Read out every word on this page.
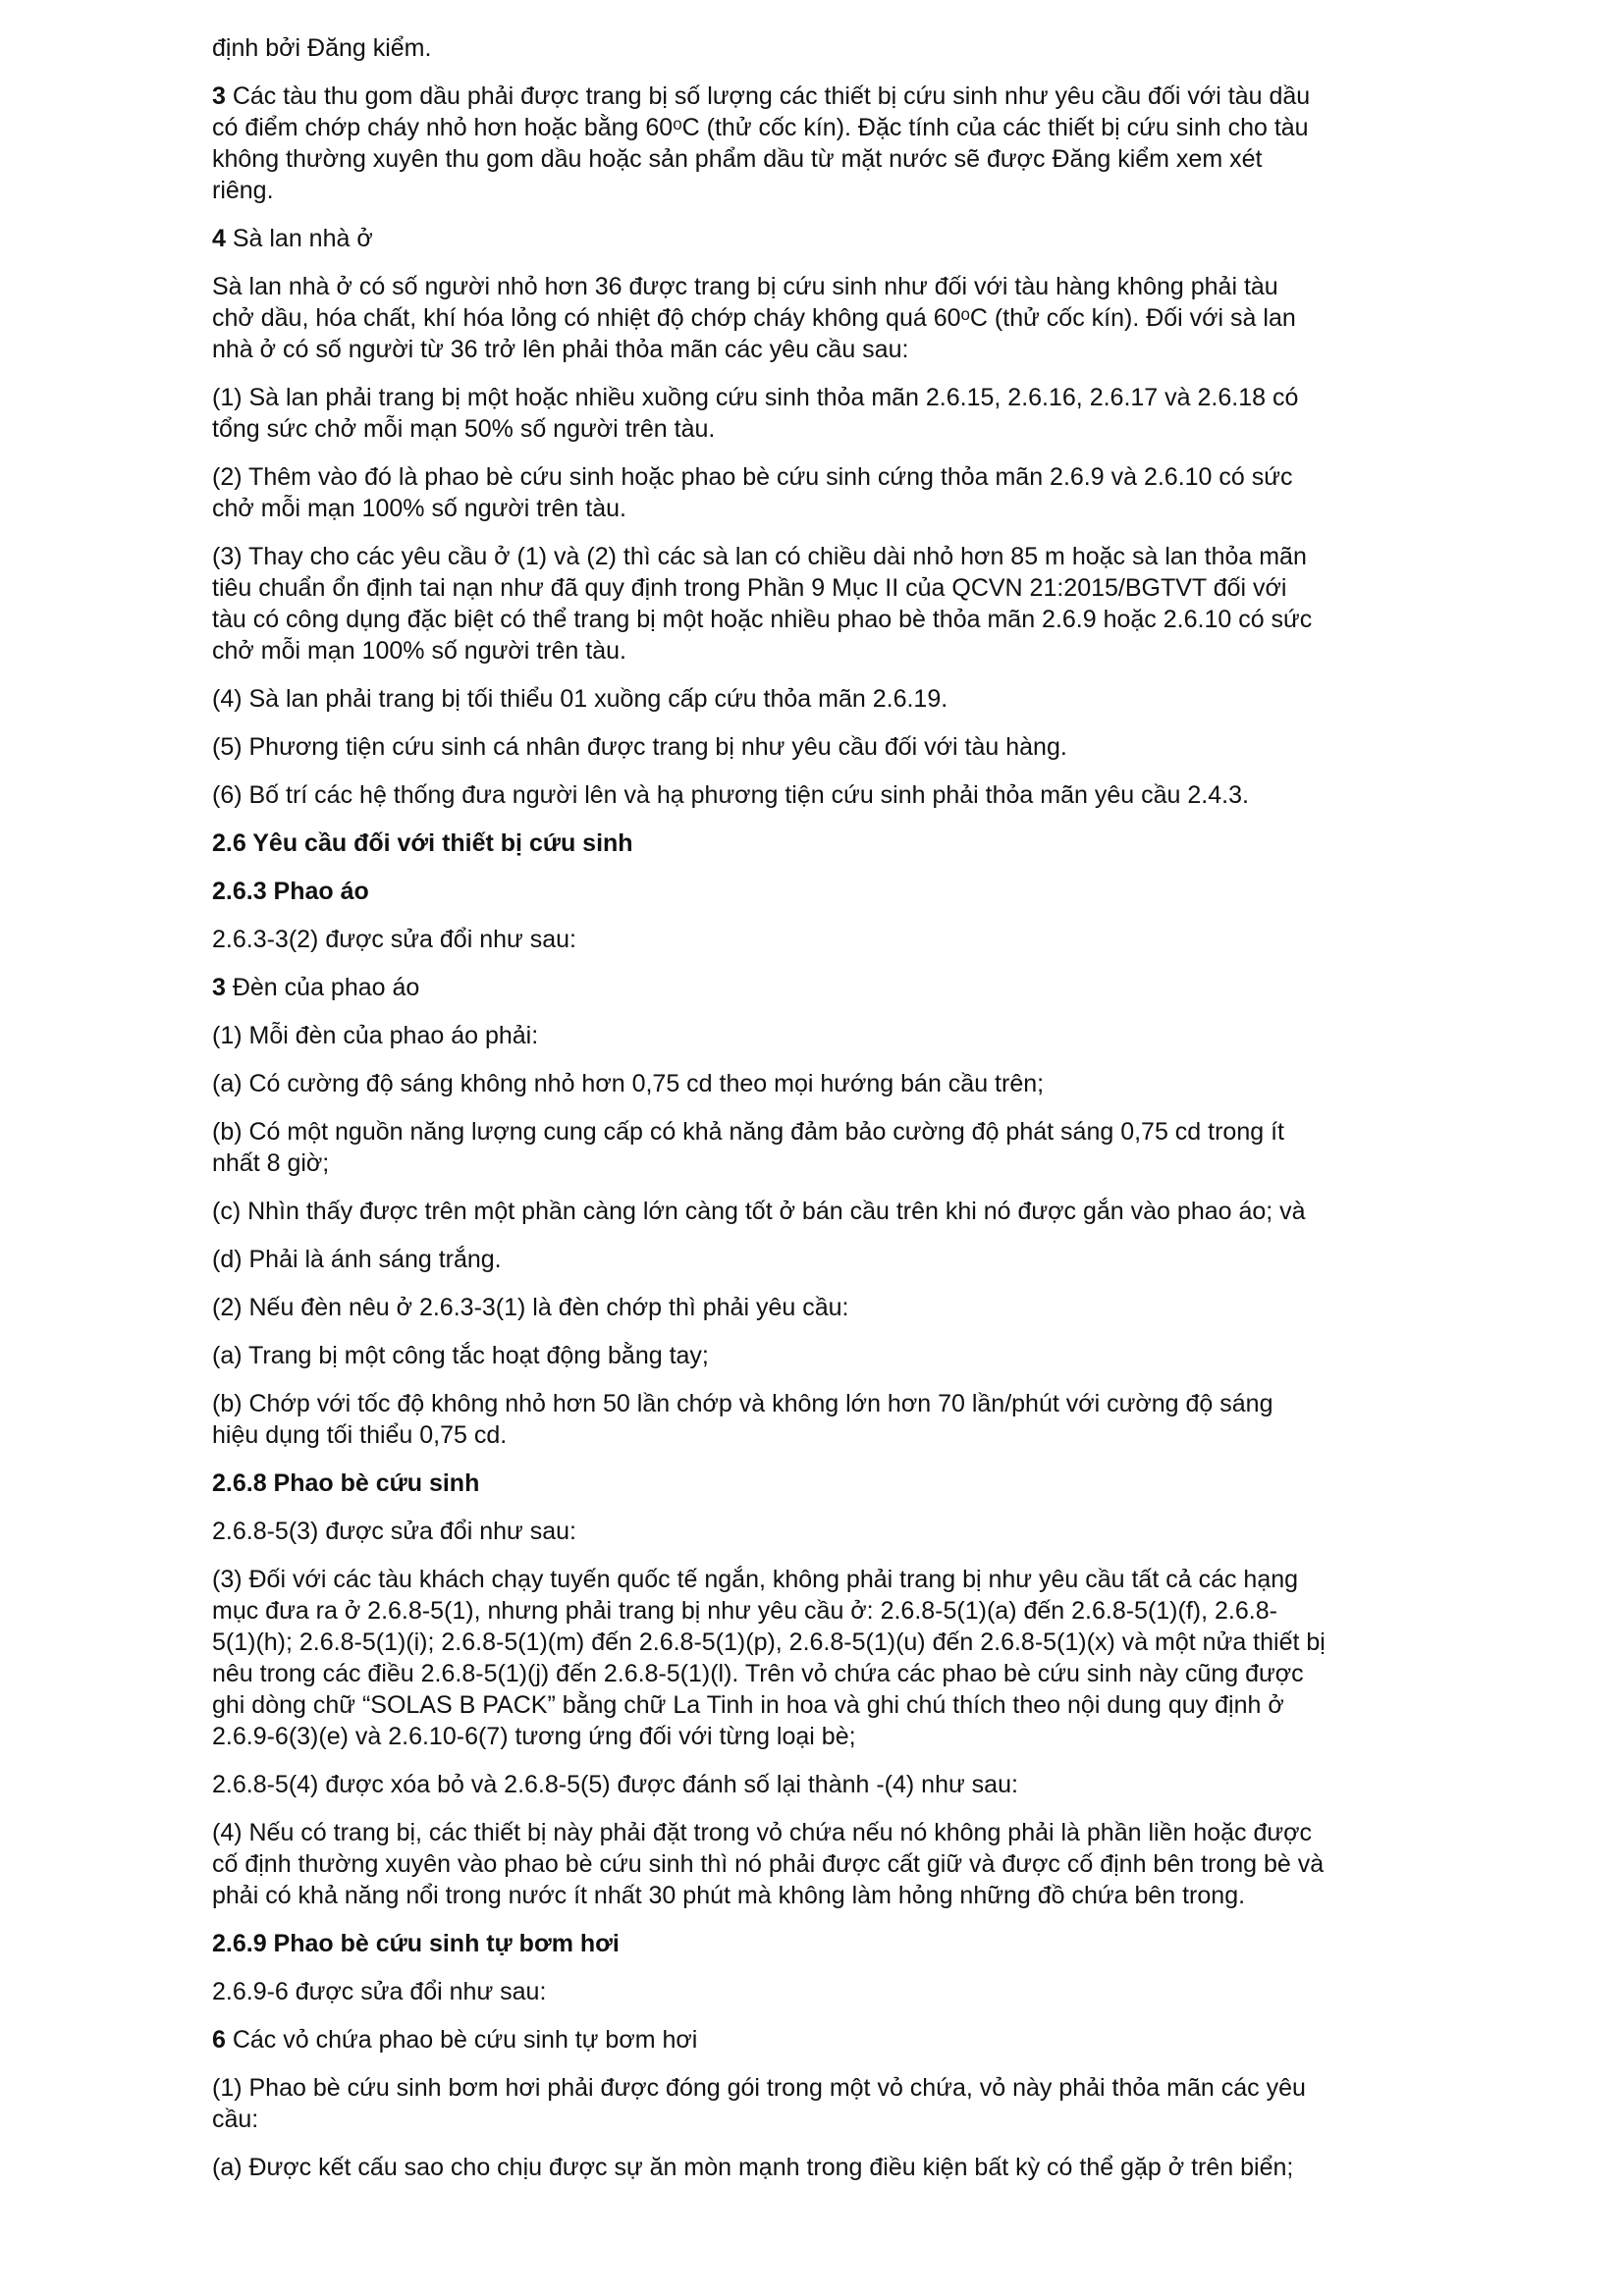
định bởi Đăng kiểm.

3 Các tàu thu gom dầu phải được trang bị số lượng các thiết bị cứu sinh như yêu cầu đối với tàu dầu
có điểm chớp cháy nhỏ hơn hoặc bằng 60ᵒC (thử cốc kín). Đặc tính của các thiết bị cứu sinh cho tàu
không thường xuyên thu gom dầu hoặc sản phẩm dầu từ mặt nước sẽ được Đăng kiểm xem xét
riêng.

4 Sà lan nhà ở

Sà lan nhà ở có số người nhỏ hơn 36 được trang bị cứu sinh như đối với tàu hàng không phải tàu
chở dầu, hóa chất, khí hóa lỏng có nhiệt độ chớp cháy không quá 60ᵒC (thử cốc kín). Đối với sà lan
nhà ở có số người từ 36 trở lên phải thỏa mãn các yêu cầu sau:

(1) Sà lan phải trang bị một hoặc nhiều xuồng cứu sinh thỏa mãn 2.6.15, 2.6.16, 2.6.17 và 2.6.18 có
tổng sức chở mỗi mạn 50% số người trên tàu.

(2) Thêm vào đó là phao bè cứu sinh hoặc phao bè cứu sinh cứng thỏa mãn 2.6.9 và 2.6.10 có sức
chở mỗi mạn 100% số người trên tàu.

(3) Thay cho các yêu cầu ở (1) và (2) thì các sà lan có chiều dài nhỏ hơn 85 m hoặc sà lan thỏa mãn
tiêu chuẩn ổn định tai nạn như đã quy định trong Phần 9 Mục II của QCVN 21:2015/BGTVT đối với
tàu có công dụng đặc biệt có thể trang bị một hoặc nhiều phao bè thỏa mãn 2.6.9 hoặc 2.6.10 có sức
chở mỗi mạn 100% số người trên tàu.

(4) Sà lan phải trang bị tối thiểu 01 xuồng cấp cứu thỏa mãn 2.6.19.

(5) Phương tiện cứu sinh cá nhân được trang bị như yêu cầu đối với tàu hàng.

(6) Bố trí các hệ thống đưa người lên và hạ phương tiện cứu sinh phải thỏa mãn yêu cầu 2.4.3.

2.6 Yêu cầu đối với thiết bị cứu sinh

2.6.3 Phao áo

2.6.3-3(2) được sửa đổi như sau:

3 Đèn của phao áo

(1) Mỗi đèn của phao áo phải:

(a) Có cường độ sáng không nhỏ hơn 0,75 cd theo mọi hướng bán cầu trên;

(b) Có một nguồn năng lượng cung cấp có khả năng đảm bảo cường độ phát sáng 0,75 cd trong ít
nhất 8 giờ;

(c) Nhìn thấy được trên một phần càng lớn càng tốt ở bán cầu trên khi nó được gắn vào phao áo; và

(d) Phải là ánh sáng trắng.

(2) Nếu đèn nêu ở 2.6.3-3(1) là đèn chớp thì phải yêu cầu:

(a) Trang bị một công tắc hoạt động bằng tay;

(b) Chớp với tốc độ không nhỏ hơn 50 lần chớp và không lớn hơn 70 lần/phút với cường độ sáng
hiệu dụng tối thiểu 0,75 cd.

2.6.8 Phao bè cứu sinh

2.6.8-5(3) được sửa đổi như sau:

(3) Đối với các tàu khách chạy tuyến quốc tế ngắn, không phải trang bị như yêu cầu tất cả các hạng
mục đưa ra ở 2.6.8-5(1), nhưng phải trang bị như yêu cầu ở: 2.6.8-5(1)(a) đến 2.6.8-5(1)(f), 2.6.8-
5(1)(h); 2.6.8-5(1)(i); 2.6.8-5(1)(m) đến 2.6.8-5(1)(p), 2.6.8-5(1)(u) đến 2.6.8-5(1)(x) và một nửa thiết bị
nêu trong các điều 2.6.8-5(1)(j) đến 2.6.8-5(1)(l). Trên vỏ chứa các phao bè cứu sinh này cũng được
ghi dòng chữ “SOLAS B PACK” bằng chữ La Tinh in hoa và ghi chú thích theo nội dung quy định ở
2.6.9-6(3)(e) và 2.6.10-6(7) tương ứng đối với từng loại bè;

2.6.8-5(4) được xóa bỏ và 2.6.8-5(5) được đánh số lại thành -(4) như sau:

(4) Nếu có trang bị, các thiết bị này phải đặt trong vỏ chứa nếu nó không phải là phần liền hoặc được
cố định thường xuyên vào phao bè cứu sinh thì nó phải được cất giữ và được cố định bên trong bè và
phải có khả năng nổi trong nước ít nhất 30 phút mà không làm hỏng những đồ chứa bên trong.

2.6.9 Phao bè cứu sinh tự bơm hơi

2.6.9-6 được sửa đổi như sau:

6 Các vỏ chứa phao bè cứu sinh tự bơm hơi

(1) Phao bè cứu sinh bơm hơi phải được đóng gói trong một vỏ chứa, vỏ này phải thỏa mãn các yêu
cầu:

(a) Được kết cấu sao cho chịu được sự ăn mòn mạnh trong điều kiện bất kỳ có thể gặp ở trên biển;
